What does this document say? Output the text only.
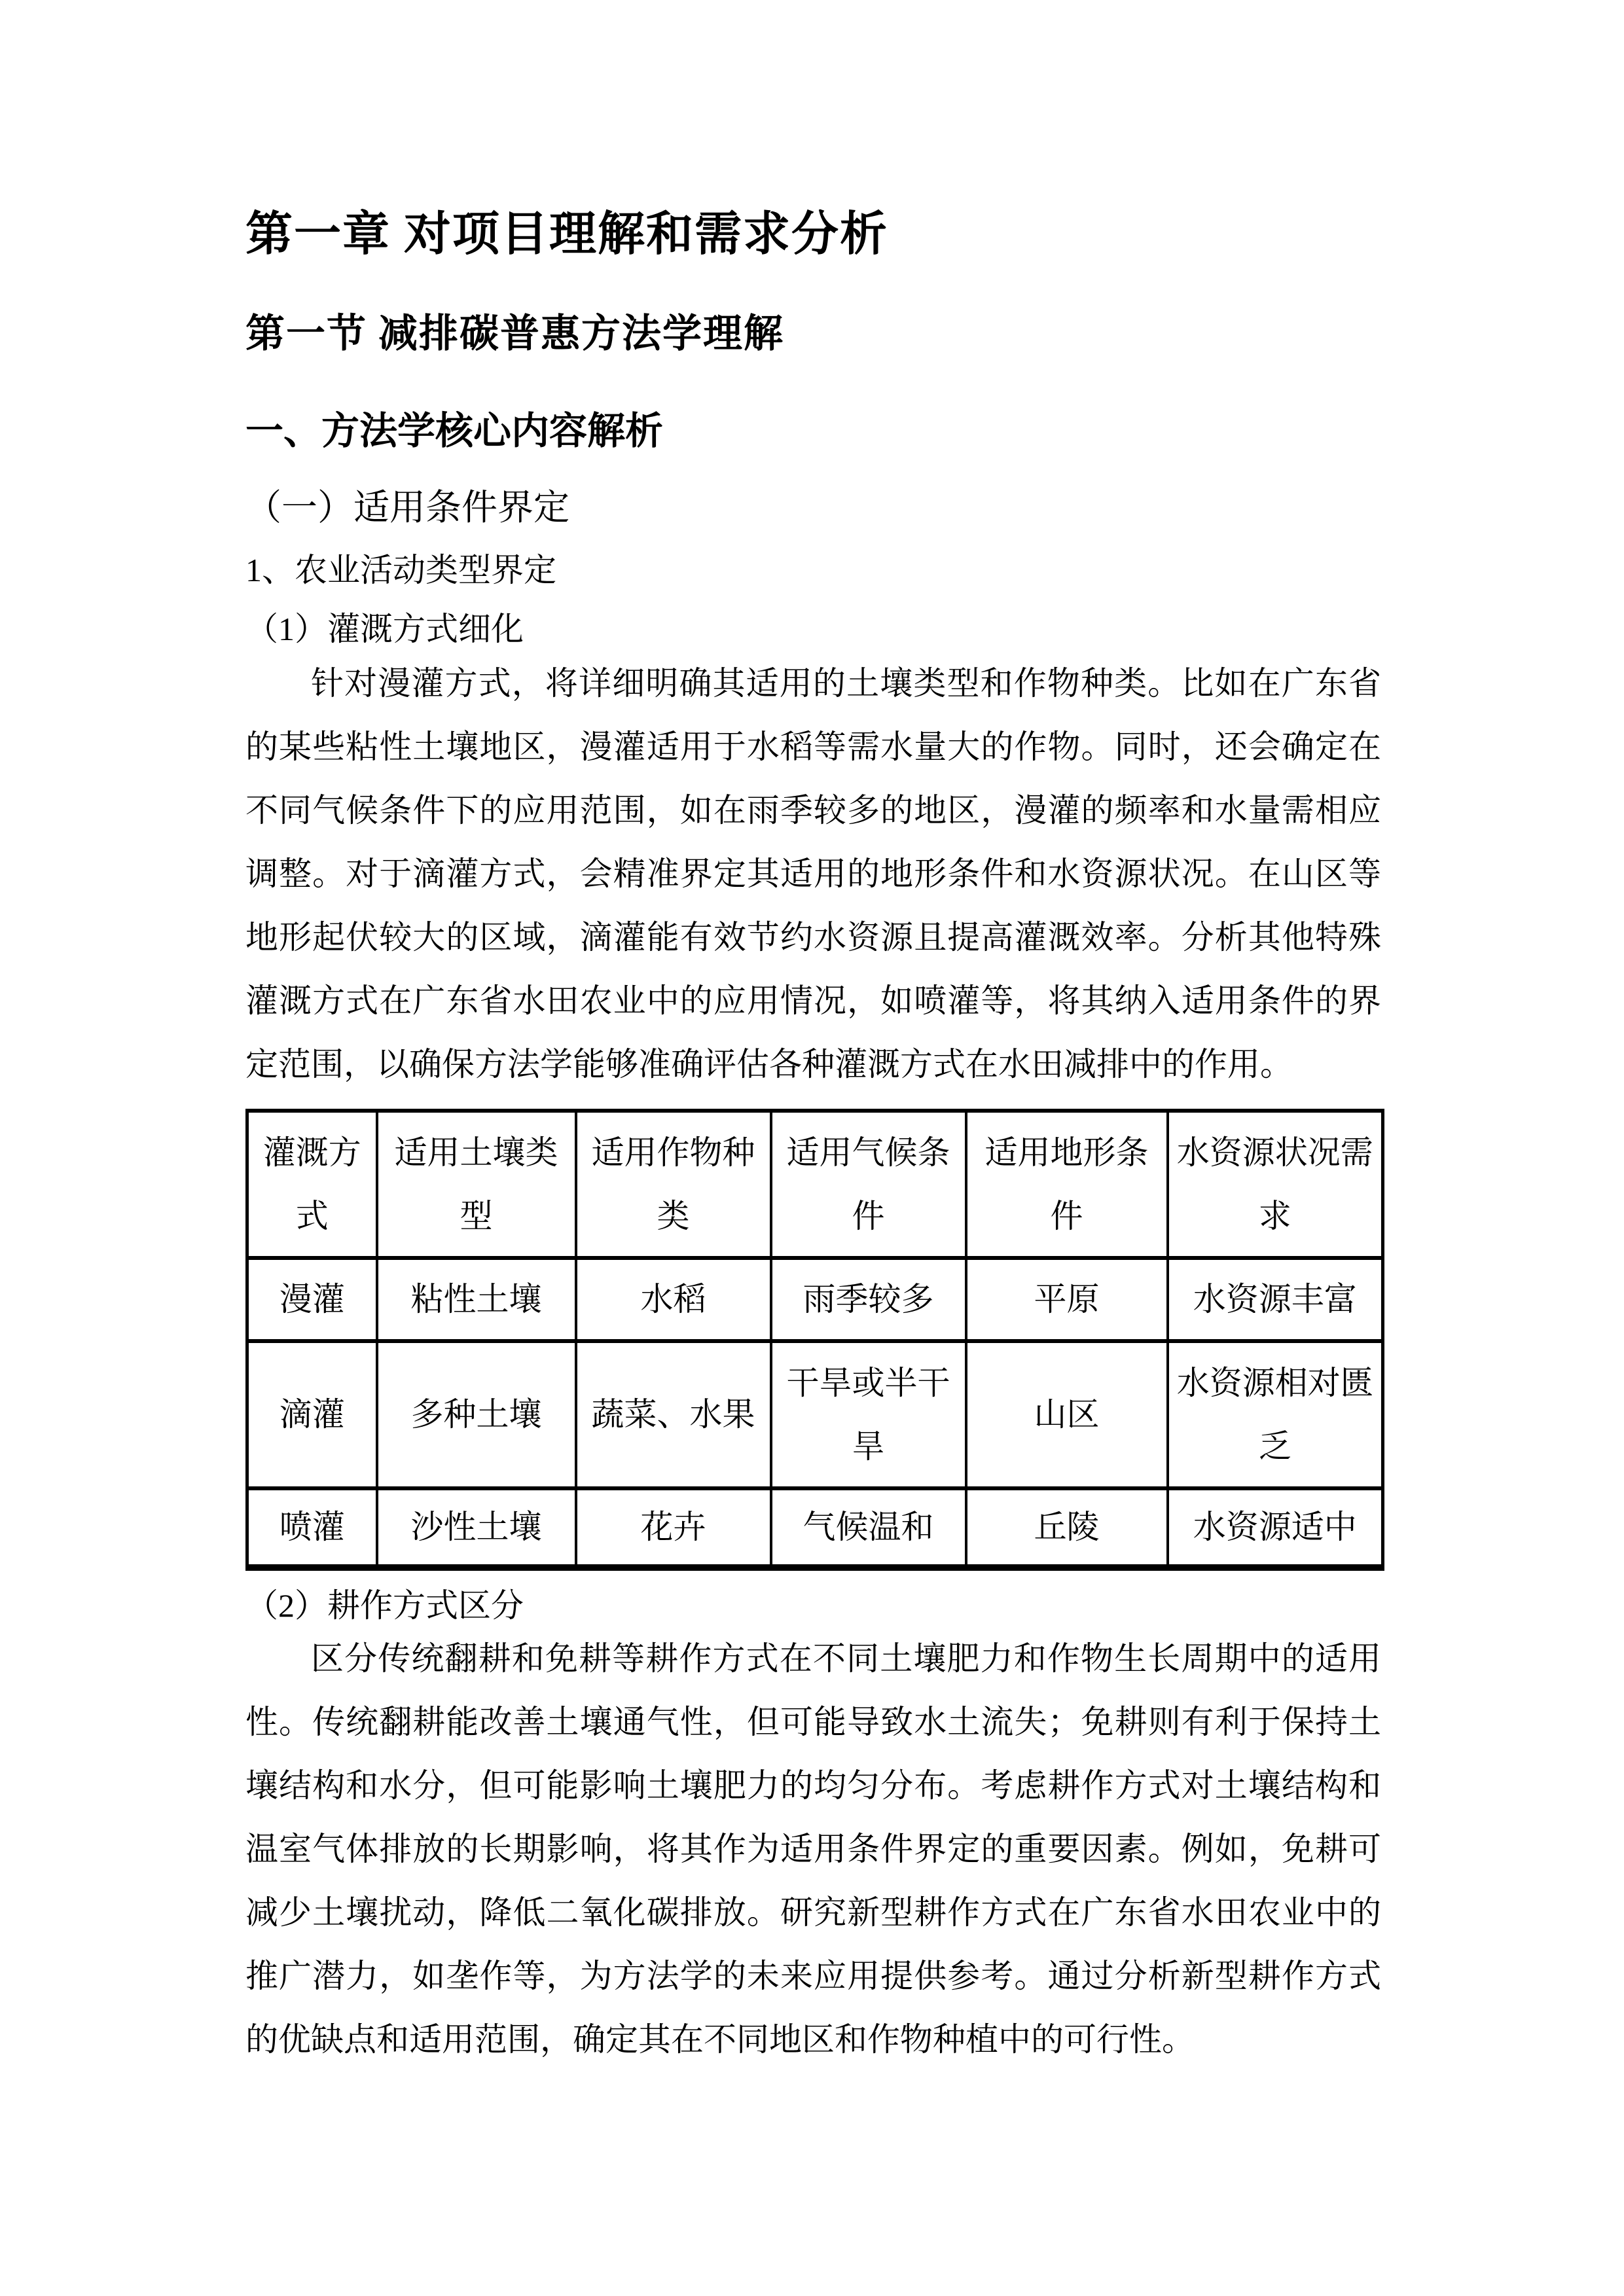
第一章 对项目理解和需求分析
第一节 减排碳普惠方法学理解
一、方法学核心内容解析
（一）适用条件界定
1、农业活动类型界定
（1）灌溉方式细化

针对漫灌方式，将详细明确其适用的土壤类型和作物种类。比如在广东省的某些粘性土壤地区，漫灌适用于水稻等需水量大的作物。同时，还会确定在不同气候条件下的应用范围，如在雨季较多的地区，漫灌的频率和水量需相应调整。对于滴灌方式，会精准界定其适用的地形条件和水资源状况。在山区等地形起伏较大的区域，滴灌能有效节约水资源且提高灌溉效率。分析其他特殊灌溉方式在广东省水田农业中的应用情况，如喷灌等，将其纳入适用条件的界定范围，以确保方法学能够准确评估各种灌溉方式在水田减排中的作用。

灌溉方式	适用土壤类型	适用作物种类	适用气候条件	适用地形条件	水资源状况需求
漫灌	粘性土壤	水稻	雨季较多	平原	水资源丰富
滴灌	多种土壤	蔬菜、水果	干旱或半干旱	山区	水资源相对匮乏
喷灌	沙性土壤	花卉	气候温和	丘陵	水资源适中
（2）耕作方式区分

区分传统翻耕和免耕等耕作方式在不同土壤肥力和作物生长周期中的适用性。传统翻耕能改善土壤通气性，但可能导致水土流失；免耕则有利于保持土壤结构和水分，但可能影响土壤肥力的均匀分布。考虑耕作方式对土壤结构和温室气体排放的长期影响，将其作为适用条件界定的重要因素。例如，免耕可减少土壤扰动，降低二氧化碳排放。研究新型耕作方式在广东省水田农业中的推广潜力，如垄作等，为方法学的未来应用提供参考。通过分析新型耕作方式的优缺点和适用范围，确定其在不同地区和作物种植中的可行性。
